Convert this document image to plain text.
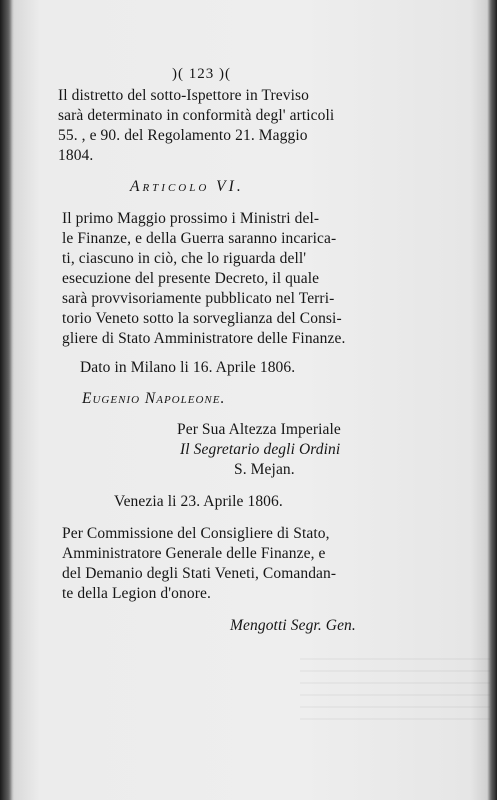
)( 123 )(
Il distretto del sotto-Ispettore in Treviso
sarà determinato in conformità degl' articoli
55. , e 90. del Regolamento 21. Maggio
1804.
Articolo VI.
Il primo Maggio prossimo i Ministri del-
le Finanze, e della Guerra saranno incarica-
ti, ciascuno in ciò, che lo riguarda dell'
esecuzione del presente Decreto, il quale
sarà provvisoriamente pubblicato nel Terri-
torio Veneto sotto la sorveglianza del Consi-
gliere di Stato Amministratore delle Finanze.
Dato in Milano li 16. Aprile 1806.
Eugenio Napoleone.
Per Sua Altezza Imperiale
Il Segretario degli Ordini
S. Mejan.
Venezia li 23. Aprile 1806.
Per Commissione del Consigliere di Stato,
Amministratore Generale delle Finanze, e
del Demanio degli Stati Veneti, Comandan-
te della Legion d'onore.
Mengotti Segr. Gen.
